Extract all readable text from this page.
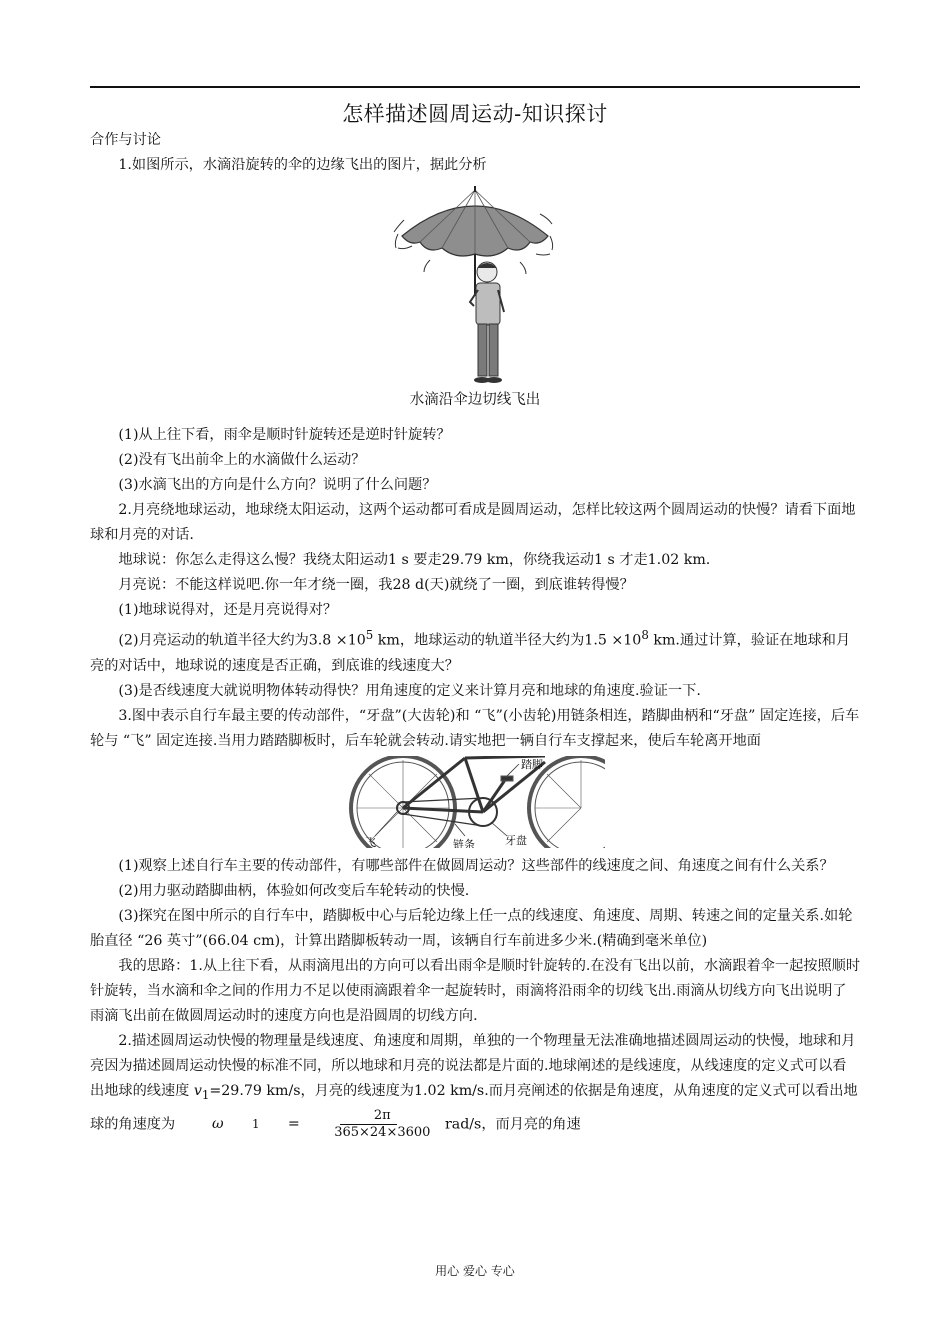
怎样描述圆周运动-知识探讨

合作与讨论

1.如图所示，水滴沿旋转的伞的边缘飞出的图片，据此分析

水滴沿伞边切线飞出

(1)从上往下看，雨伞是顺时针旋转还是逆时针旋转？

(2)没有飞出前伞上的水滴做什么运动？

(3)水滴飞出的方向是什么方向？说明了什么问题？

2.月亮绕地球运动，地球绕太阳运动，这两个运动都可看成是圆周运动，怎样比较这两个圆周运动的快慢？请看下面地球和月亮的对话.

地球说：你怎么走得这么慢？我绕太阳运动1 s 要走29.79 km，你绕我运动1 s 才走1.02 km.

月亮说：不能这样说吧.你一年才绕一圈，我28 d(天)就绕了一圈，到底谁转得慢？

(1)地球说得对，还是月亮说得对？

(2)月亮运动的轨道半径大约为$3.8 \times 10^5$ km，地球运动的轨道半径大约为$1.5 \times 10^8$ km.通过计算，验证在地球和月亮的对话中，地球说的速度是否正确，到底谁的线速度大？

(3)是否线速度大就说明物体转动得快？用角速度的定义来计算月亮和地球的角速度.验证一下.

3.图中表示自行车最主要的传动部件，“牙盘”(大齿轮)和 “飞”(小齿轮)用链条相连，踏脚曲柄和“牙盘” 固定连接，后车轮与 “飞” 固定连接.当用力踏踏脚板时，后车轮就会转动.请实地把一辆自行车支撑起来，使后车轮离开地面

踏脚
飞	链条	牙盘

(1)观察上述自行车主要的传动部件，有哪些部件在做圆周运动？这些部件的线速度之间、角速度之间有什么关系？

(2)用力驱动踏脚曲柄，体验如何改变后车轮转动的快慢.

(3)探究在图中所示的自行车中，踏脚板中心与后轮边缘上任一点的线速度、角速度、周期、转速之间的定量关系.如轮胎直径 “26 英寸”(66.04 cm)，计算出踏脚板转动一周，该辆自行车前进多少米.(精确到毫米单位)

我的思路：1.从上往下看，从雨滴甩出的方向可以看出雨伞是顺时针旋转的.在没有飞出以前，水滴跟着伞一起按照顺时针旋转，当水滴和伞之间的作用力不足以使雨滴跟着伞一起旋转时，雨滴将沿雨伞的切线飞出.雨滴从切线方向飞出说明了雨滴飞出前在做圆周运动时的速度方向也是沿圆周的切线方向.

2.描述圆周运动快慢的物理量是线速度、角速度和周期，单独的一个物理量无法准确地描述圆周运动的快慢，地球和月亮因为描述圆周运动快慢的标准不同，所以地球和月亮的说法都是片面的.地球阐述的是线速度，从线速度的定义式可以看出地球的线速度 $v_1=29.79$ km/s，月亮的线速度为1.02 km/s.而月亮阐述的依据是角速度，从角速度的定义式可以看出地球的角速度为	ω	1	= $\frac{2\pi}{365\times 24\times 3600} rad/s$，而月亮的角速

用心 爱心 专心
